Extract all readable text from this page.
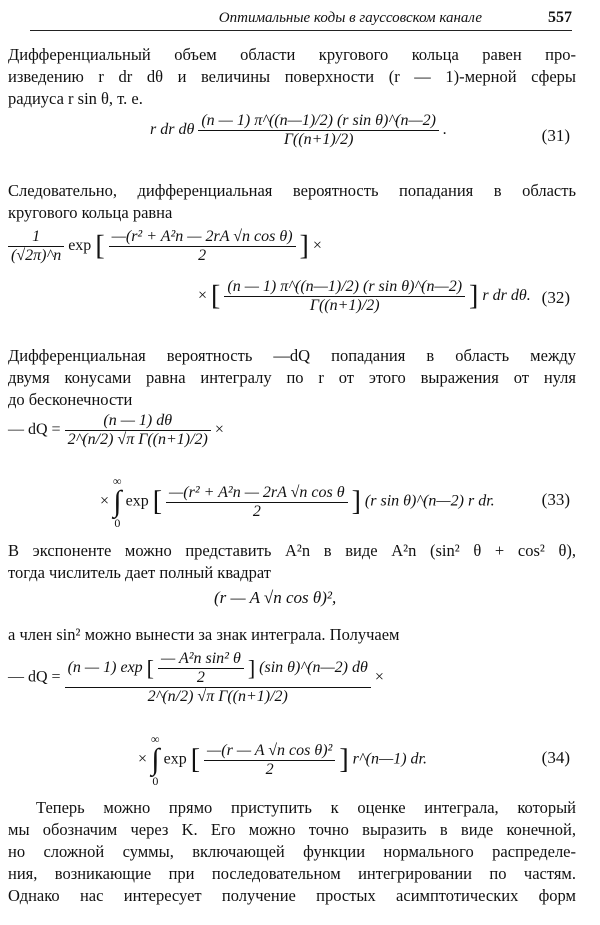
Оптимальные коды в гауссовском канале	557
Дифференциальный объем области кругового кольца равен про-
изведению r dr dθ и величины поверхности (r — 1)-мерной сферы
радиуса r sin θ, т. е.
r dr dθ $\frac{\text{(n — 1) π\textasciicircum{}((n—1)/2) (r sin θ)\textasciicircum{}(n—2)}}{\Gamma((n+1)/2)}$ .	(31)
Следовательно, дифференциальная вероятность попадания в область
кругового кольца равна
$\frac{1}{(√2\pi)\^{}n}$ exp [ $\frac{\text{—(r² + A²n — 2rA √n cos θ)}}{2}$ ] ×
× [ $\frac{\text{(n — 1) π\textasciicircum{}((n—1)/2) (r sin θ)\textasciicircum{}(n—2)}}{\Gamma((n+1)/2)}$ ] r dr dθ. (32)
Дифференциальная вероятность —dQ попадания в область между
двумя конусами равна интегралу по r от этого выражения от нуля
до бесконечности
— dQ = $\frac{(n — 1) d\theta}{\text{2\textasciicircum{}(n/2) √π Γ((n+1)/2)}}$ ×
×
∞
∫
0
exp [ $\frac{\text{—(r² + A²n — 2rA √n cos θ}}{2}$ ] (r sin θ)^(n—2) r dr.	(33)
В экспоненте можно представить A²n в виде A²n (sin² θ + cos² θ),
тогда числитель дает полный квадрат
(r — A √n cos θ)²,
а член sin² можно вынести за знак интеграла. Получаем
— dQ =
(n — 1) exp [ $\frac{\text{— A²n sin² θ}}{2}$ ] (sin θ)^(n—2) dθ
2^(n/2) √π Γ((n+1)/2)
×
×
∞
∫
0
exp [ $\frac{\text{—(r — A √n cos θ)²}}{2}$ ] r^(n—1) dr.	(34)
Теперь можно прямо приступить к оценке интеграла, который
мы обозначим через K. Его можно точно выразить в виде конечной,
но сложной суммы, включающей функции нормального распределе-
ния, возникающие при последовательном интегрировании по частям.
Однако нас интересует получение простых асимптотических форм
